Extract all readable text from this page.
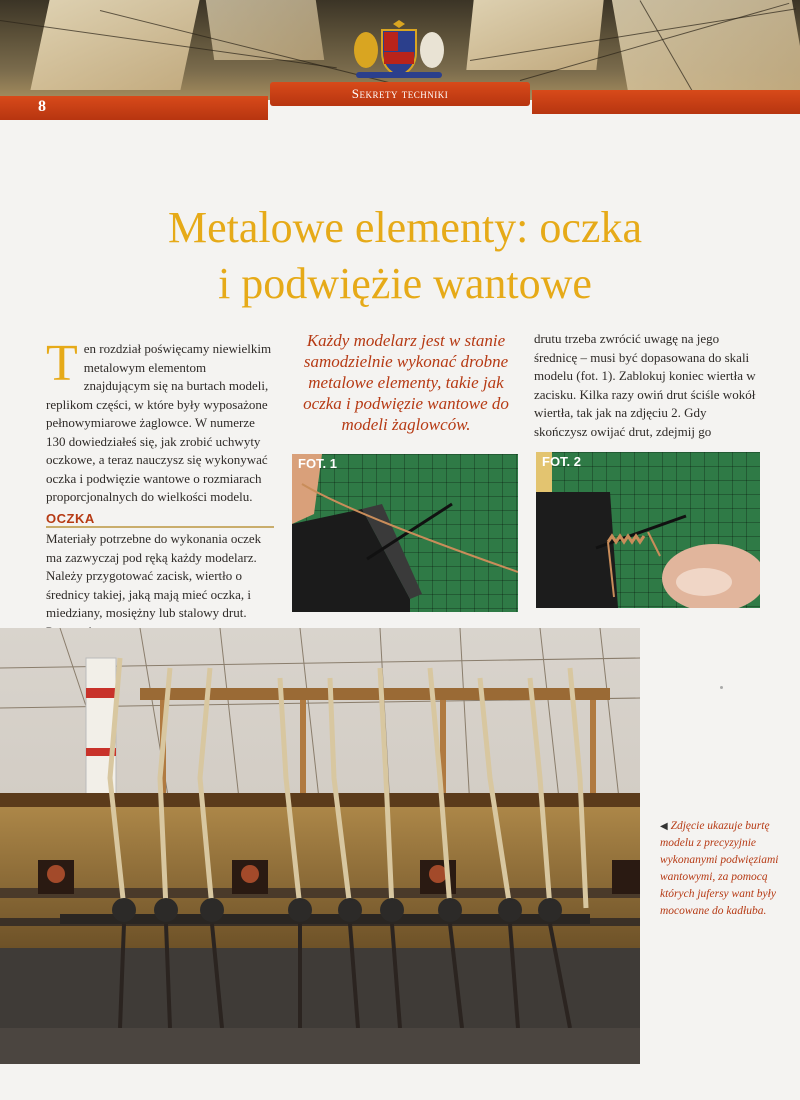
8
Sekrety techniki
Metalowe elementy: oczka
i podwiężie wantowe
Ten rozdział poświęcamy niewielkim metalowym elementom znajdującym się na burtach modeli, replikom części, w które były wyposażone pełnowymiarowe żaglowce. W numerze 130 dowiedziałeś się, jak zrobić uchwyty oczkowe, a teraz nauczysz się wykonywać oczka i podwięzie wantowe o rozmiarach proporcjonalnych do wielkości modelu.
OCZKA
Materiały potrzebne do wykonania oczek ma zazwyczaj pod ręką każdy modelarz. Należy przygotować zacisk, wiertło o średnicy takiej, jaką mają mieć oczka, i miedziany, mosiężny lub stalowy drut.
Każdy modelarz jest w stanie samodzielnie wykonać drobne metalowe elementy, takie jak oczka i podwięzie wantowe do modeli żaglowców.
drutu trzeba zwrócić uwagę na jego średnicę – musi być dopasowana do skali modelu (fot. 1). Zablokuj koniec wiertła w zacisku. Kilka razy owiń drut ściśle wokół wiertła, tak jak na zdjęciu 2. Gdy skończysz owijać drut, zdejmij go
FOT. 1	FOT. 2
◀ Zdjęcie ukazuje burtę modelu z precyzyjnie wykonanymi podwięziami wantowymi, za pomocą których jufersy want były mocowane do kadłuba.
